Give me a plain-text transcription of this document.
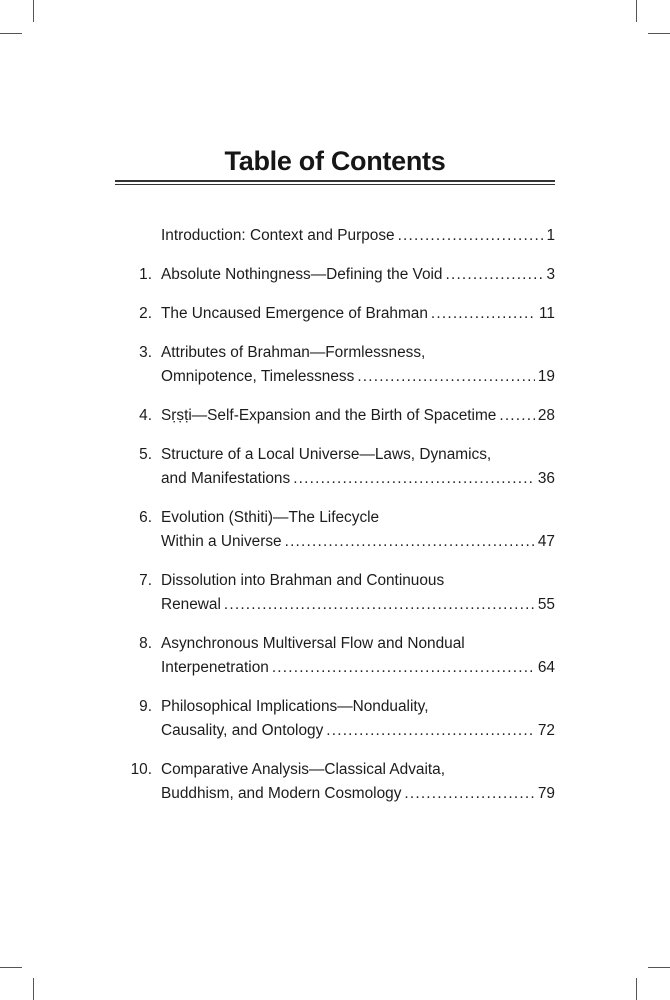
Table of Contents
Introduction: Context and Purpose .....	1
1. Absolute Nothingness—Defining the Void .....	3
2. The Uncaused Emergence of Brahman .....	11
3. Attributes of Brahman—Formlessness,
Omnipotence, Timelessness .....	19
4. Sṛṣṭi—Self-Expansion and the Birth of Spacetime .....	28
5. Structure of a Local Universe—Laws, Dynamics,
and Manifestations .....	36
6. Evolution (Sthiti)—The Lifecycle
Within a Universe .....	47
7. Dissolution into Brahman and Continuous
Renewal .....	55
8. Asynchronous Multiversal Flow and Nondual
Interpenetration .....	64
9. Philosophical Implications—Nonduality,
Causality, and Ontology .....	72
10. Comparative Analysis—Classical Advaita,
Buddhism, and Modern Cosmology .....	79
